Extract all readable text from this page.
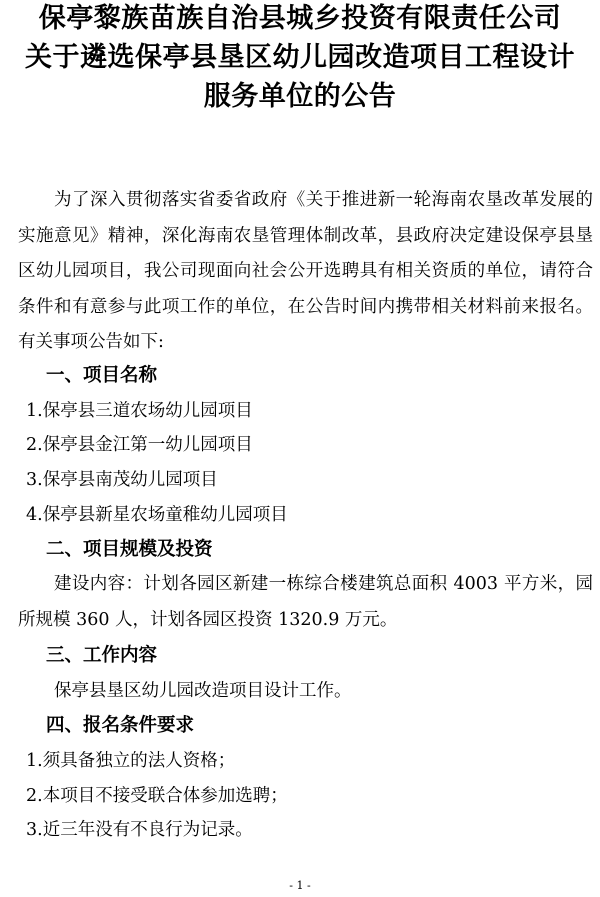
保亭黎族苗族自治县城乡投资有限责任公司
关于遴选保亭县垦区幼儿园改造项目工程设计
服务单位的公告

为了深入贯彻落实省委省政府《关于推进新一轮海南农垦改革发展的实施意见》精神，深化海南农垦管理体制改革，县政府决定建设保亭县垦区幼儿园项目，我公司现面向社会公开选聘具有相关资质的单位，请符合条件和有意参与此项工作的单位，在公告时间内携带相关材料前来报名。有关事项公告如下:

一、项目名称
1.保亭县三道农场幼儿园项目
2.保亭县金江第一幼儿园项目
3.保亭县南茂幼儿园项目
4.保亭县新星农场童稚幼儿园项目
二、项目规模及投资

建设内容：计划各园区新建一栋综合楼建筑总面积 4003 平方米，园所规模 360 人，计划各园区投资 1320.9 万元。

三、工作内容
保亭县垦区幼儿园改造项目设计工作。
四、报名条件要求
1.须具备独立的法人资格；
2.本项目不接受联合体参加选聘；
3.近三年没有不良行为记录。
- 1 -
